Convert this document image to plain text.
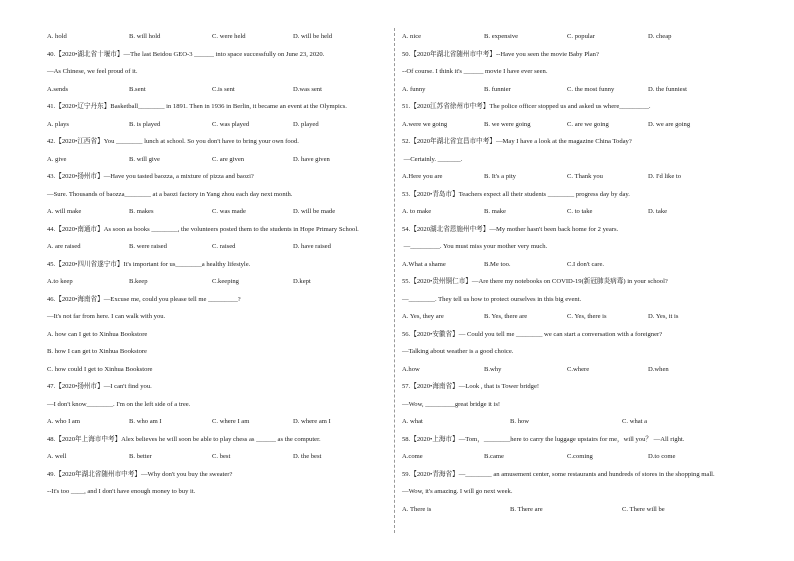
A. hold	B. will hold	C. were held	D. will be held
40.【2020•湖北省十堰市】—The last Beidou GEO-3 ______ into space successfully on June 23, 2020.
—As Chinese, we feel proud of it.
A.sends	B.sent	C.is sent	D.was sent
41.【2020•辽宁丹东】Basketball________ in 1891. Then in 1936 in Berlin, it became an event at the Olympics.
A. plays	B. is played	C. was played	D. played
42.【2020•江西省】You ________ lunch at school. So you don't have to bring your own food.
A. give	B. will give	C. are given	D. have given
43.【2020•扬州市】—Have you tasted baozza, a mixture of pizza and baozi?
—Sure. Thousands of baozza________ at a baozi factory in Yang zhou each day next month.
A. will make	B. makes	C. was made	D. will be made
44.【2020•南通市】As soon as books ________, the volunteers posted them to the students in Hope Primary School.
A. are raised	B. were raised	C. raised	D. have raised
45.【2020•四川省遂宁市】It's important for us________a healthy lifestyle.
A.to keep	B.keep	C.keeping	D.kept
46.【2020•海南省】—Excuse me, could you please tell me _________?
—It's not far from here. I can walk with you.
A. how can I get to Xinhua Bookstore
B. how I can get to Xinhua Bookstore
C. how could I get to Xinhua Bookstore
47.【2020•扬州市】—I can't find you.
—I don't know________. I'm on the left side of a tree.
A. who I am	B. who am I	C. where I am	D. where am I
48.【2020年上海市中考】Alex believes he will soon be able to play chess as ______ as the computer.
A. well	B. better	C. best	D. the best
49.【2020年湖北省随州市中考】—Why don't you buy the sweater?
--It's too ____, and I don't have enough money to buy it.
A. nice	B. expensive	C. popular	D. cheap
50.【2020年湖北省随州市中考】--Have you seen the movie Baby Plan?
--Of course. I think it's ______ movie I have ever seen.
A. funny	B. funnier	C. the most funny	D. the funniest
51.【2020江苏省徐州市中考】The police officer stopped us and asked us where_________.
A.were we going	B. we were going	C. are we going	D. we are going
52.【2020年湖北省宜昌市中考】—May I have a look at the magazine China Today?
—Certainly. _______.
A.Here you are	B. It's a pity	C. Thank you	D. I'd like to
53.【2020•青岛市】Teachers expect all their students ________ progress day by day.
A. to make	B. make	C. to take	D. take
54.【2020湖北省恩施州中考】—My mother hasn't been back home for 2 years.
—_________. You must miss your mother very much.
A.What a shame	B.Me too.	C.I don't care.
55.【2020•贵州铜仁市】—Are there my notebooks on COVID-19(新冠肺炎病毒) in your school?
—________. They tell us how to protect ourselves in this big event.
A. Yes, they are	B. Yes, there are	C. Yes, there is	D. Yes, it is
56.【2020•安徽省】— Could you tell me ________ we can start a conversation with a foreigner?
—Talking about weather is a good choice.
A.how	B.why	C.where	D.when
57.【2020•海南省】—Look , that is Tower bridge!
—Wow, _________great bridge it is!
A. what	B. how	C. what a
58.【2020•上海市】—Tom，________here to carry the luggage upstairs for me，will you？ —All right.
A.come	B.came	C.coming	D.to come
59.【2020•青海省】—________ an amusement center, some restaurants and hundreds of stores in the shopping mall.
—Wow, it's amazing. I will go next week.
A. There is	B. There are	C. There will be
